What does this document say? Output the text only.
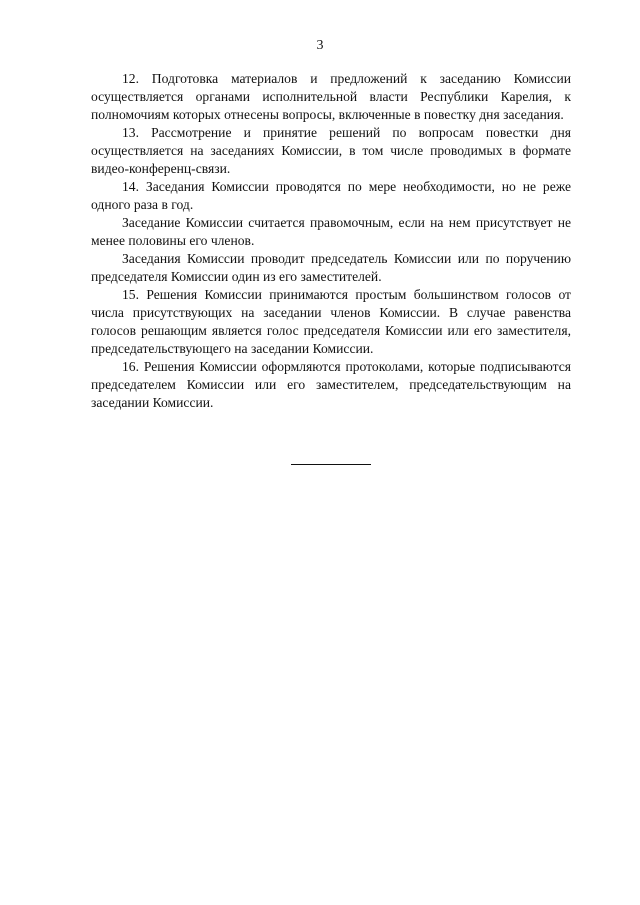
3

12. Подготовка материалов и предложений к заседанию Комиссии осуществляется органами исполнительной власти Республики Карелия, к полномочиям которых отнесены вопросы, включенные в повестку дня заседания.

13. Рассмотрение и принятие решений по вопросам повестки дня осуществляется на заседаниях Комиссии, в том числе проводимых в формате видео-конференц-связи.

14. Заседания Комиссии проводятся по мере необходимости, но не реже одного раза в год.

Заседание Комиссии считается правомочным, если на нем присутствует не менее половины его членов.

Заседания Комиссии проводит председатель Комиссии или по поручению председателя Комиссии один из его заместителей.

15. Решения Комиссии принимаются простым большинством голосов от числа присутствующих на заседании членов Комиссии. В случае равенства голосов решающим является голос председателя Комиссии или его заместителя, председательствующего на заседании Комиссии.

16. Решения Комиссии оформляются протоколами, которые подписываются председателем Комиссии или его заместителем, председательствующим на заседании Комиссии.
